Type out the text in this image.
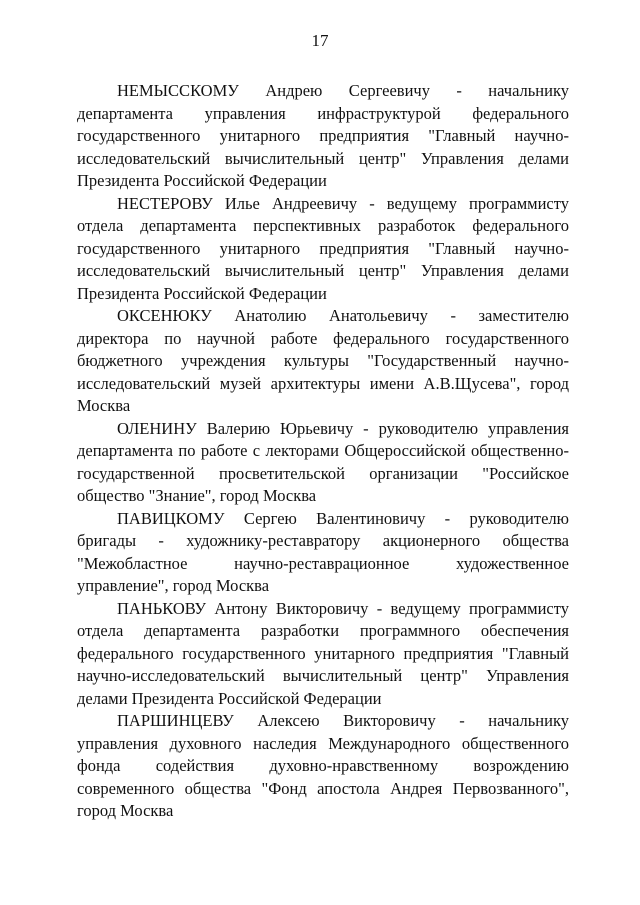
17

НЕМЫССКОМУ Андрею Сергеевичу - начальнику департамента управления инфраструктурой федерального государственного унитарного предприятия "Главный научно-исследовательский вычислительный центр" Управления делами Президента Российской Федерации

НЕСТЕРОВУ Илье Андреевичу - ведущему программисту отдела департамента перспективных разработок федерального государственного унитарного предприятия "Главный научно-исследовательский вычислительный центр" Управления делами Президента Российской Федерации

ОКСЕНЮКУ Анатолию Анатольевичу - заместителю директора по научной работе федерального государственного бюджетного учреждения культуры "Государственный научно-исследовательский музей архитектуры имени А.В.Щусева", город Москва

ОЛЕНИНУ Валерию Юрьевичу - руководителю управления департамента по работе с лекторами Общероссийской общественно-государственной просветительской организации "Российское общество "Знание", город Москва

ПАВИЦКОМУ Сергею Валентиновичу - руководителю бригады - художнику-реставратору акционерного общества "Межобластное научно-реставрационное художественное управление", город Москва

ПАНЬКОВУ Антону Викторовичу - ведущему программисту отдела департамента разработки программного обеспечения федерального государственного унитарного предприятия "Главный научно-исследовательский вычислительный центр" Управления делами Президента Российской Федерации

ПАРШИНЦЕВУ Алексею Викторовичу - начальнику управления духовного наследия Международного общественного фонда содействия духовно-нравственному возрождению современного общества "Фонд апостола Андрея Первозванного", город Москва
